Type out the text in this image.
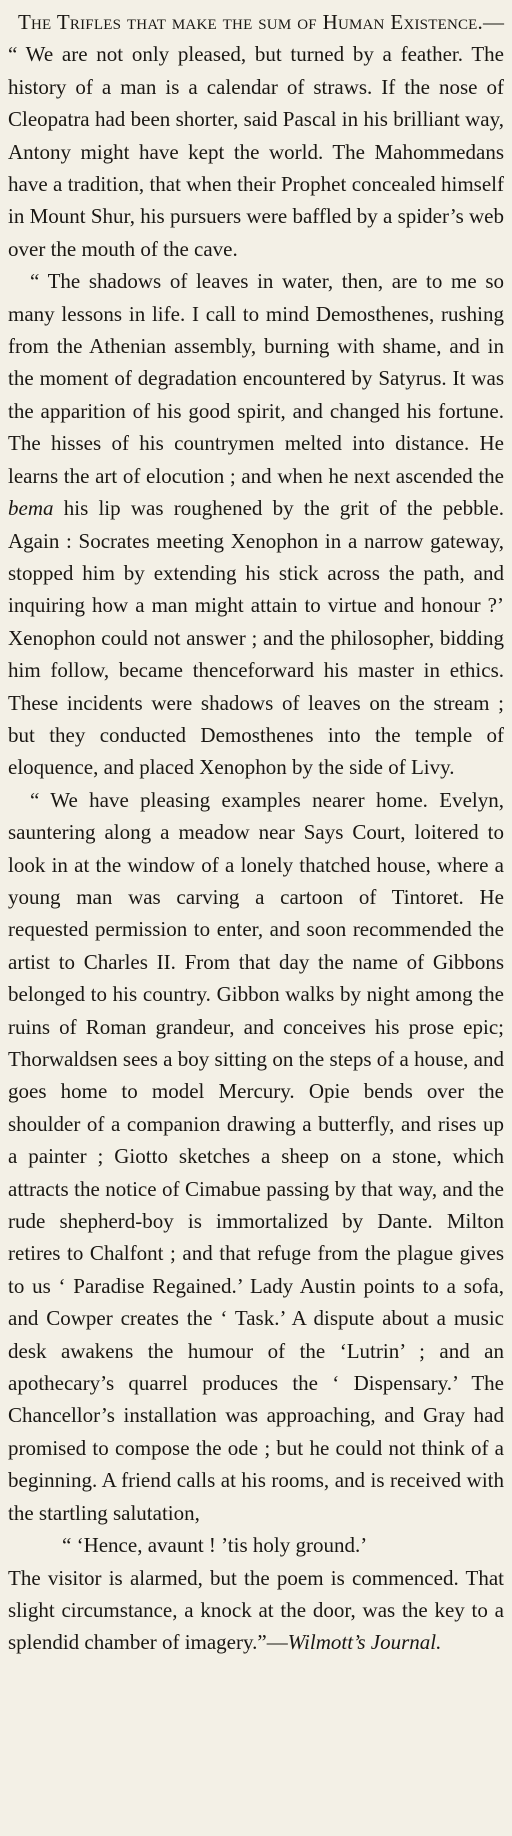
The Trifles that make the sum of Human Existence.— “ We are not only pleased, but turned by a feather. The history of a man is a calendar of straws. If the nose of Cleopatra had been shorter, said Pascal in his brilliant way, Antony might have kept the world. The Mahommedans have a tradition, that when their Prophet concealed himself in Mount Shur, his pursuers were baffled by a spider’s web over the mouth of the cave.

“ The shadows of leaves in water, then, are to me so many lessons in life. I call to mind Demosthenes, rushing from the Athenian assembly, burning with shame, and in the moment of degradation encountered by Satyrus. It was the apparition of his good spirit, and changed his fortune. The hisses of his countrymen melted into distance. He learns the art of elocution ; and when he next ascended the bema his lip was roughened by the grit of the pebble. Again : Socrates meeting Xenophon in a narrow gateway, stopped him by extending his stick across the path, and inquiring how a man might attain to virtue and honour ?’ Xenophon could not answer ; and the philosopher, bidding him follow, became thenceforward his master in ethics. These incidents were shadows of leaves on the stream ; but they conducted Demosthenes into the temple of eloquence, and placed Xenophon by the side of Livy.

“ We have pleasing examples nearer home. Evelyn, sauntering along a meadow near Says Court, loitered to look in at the window of a lonely thatched house, where a young man was carving a cartoon of Tintoret. He requested permission to enter, and soon recommended the artist to Charles II. From that day the name of Gibbons belonged to his country. Gibbon walks by night among the ruins of Roman grandeur, and conceives his prose epic; Thorwaldsen sees a boy sitting on the steps of a house, and goes home to model Mercury. Opie bends over the shoulder of a companion drawing a butterfly, and rises up a painter ; Giotto sketches a sheep on a stone, which attracts the notice of Cimabue passing by that way, and the rude shepherd-boy is immortalized by Dante. Milton retires to Chalfont ; and that refuge from the plague gives to us ‘ Paradise Regained.’ Lady Austin points to a sofa, and Cowper creates the ‘ Task.’ A dispute about a music desk awakens the humour of the ‘Lutrin’ ; and an apothecary’s quarrel produces the ‘ Dispensary.’ The Chancellor’s installation was approaching, and Gray had promised to compose the ode ; but he could not think of a beginning. A friend calls at his rooms, and is received with the startling salutation,

“ ‘Hence, avaunt ! ’tis holy ground.’

The visitor is alarmed, but the poem is commenced. That slight circumstance, a knock at the door, was the key to a splendid chamber of imagery.”—Wilmott’s Journal.
